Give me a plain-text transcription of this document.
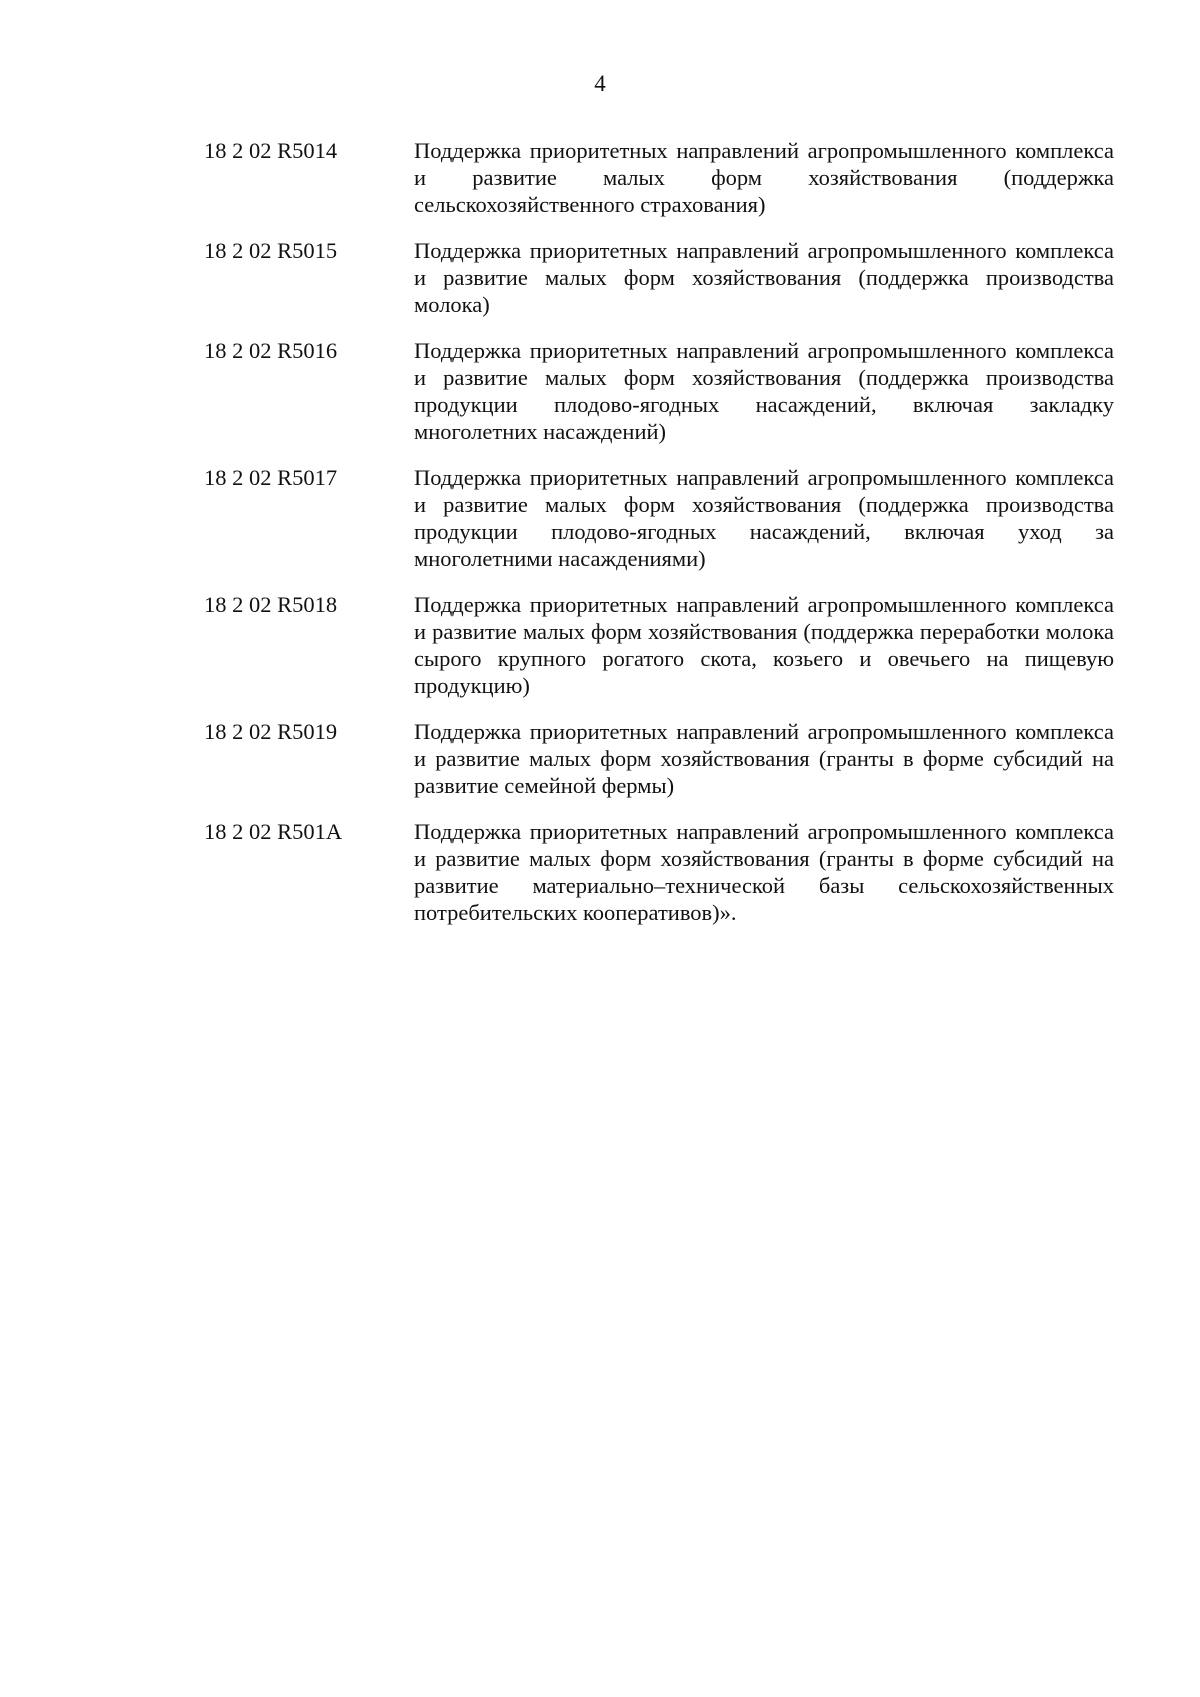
4
18 2 02 R5014	Поддержка приоритетных направлений агропромышленного комплекса и развитие малых форм хозяйствования (поддержка сельскохозяйственного страхования)
18 2 02 R5015	Поддержка приоритетных направлений агропромышленного комплекса и развитие малых форм хозяйствования (поддержка производства молока)
18 2 02 R5016	Поддержка приоритетных направлений агропромышленного комплекса и развитие малых форм хозяйствования (поддержка производства продукции плодово-ягодных насаждений, включая закладку многолетних насаждений)
18 2 02 R5017	Поддержка приоритетных направлений агропромышленного комплекса и развитие малых форм хозяйствования (поддержка производства продукции плодово-ягодных насаждений, включая уход за многолетними насаждениями)
18 2 02 R5018	Поддержка приоритетных направлений агропромышленного комплекса и развитие малых форм хозяйствования (поддержка переработки молока сырого крупного рогатого скота, козьего и овечьего на пищевую продукцию)
18 2 02 R5019	Поддержка приоритетных направлений агропромышленного комплекса и развитие малых форм хозяйствования (гранты в форме субсидий на развитие семейной фермы)
18 2 02 R501A	Поддержка приоритетных направлений агропромышленного комплекса и развитие малых форм хозяйствования (гранты в форме субсидий на развитие материально–технической базы сельскохозяйственных потребительских кооперативов)».
